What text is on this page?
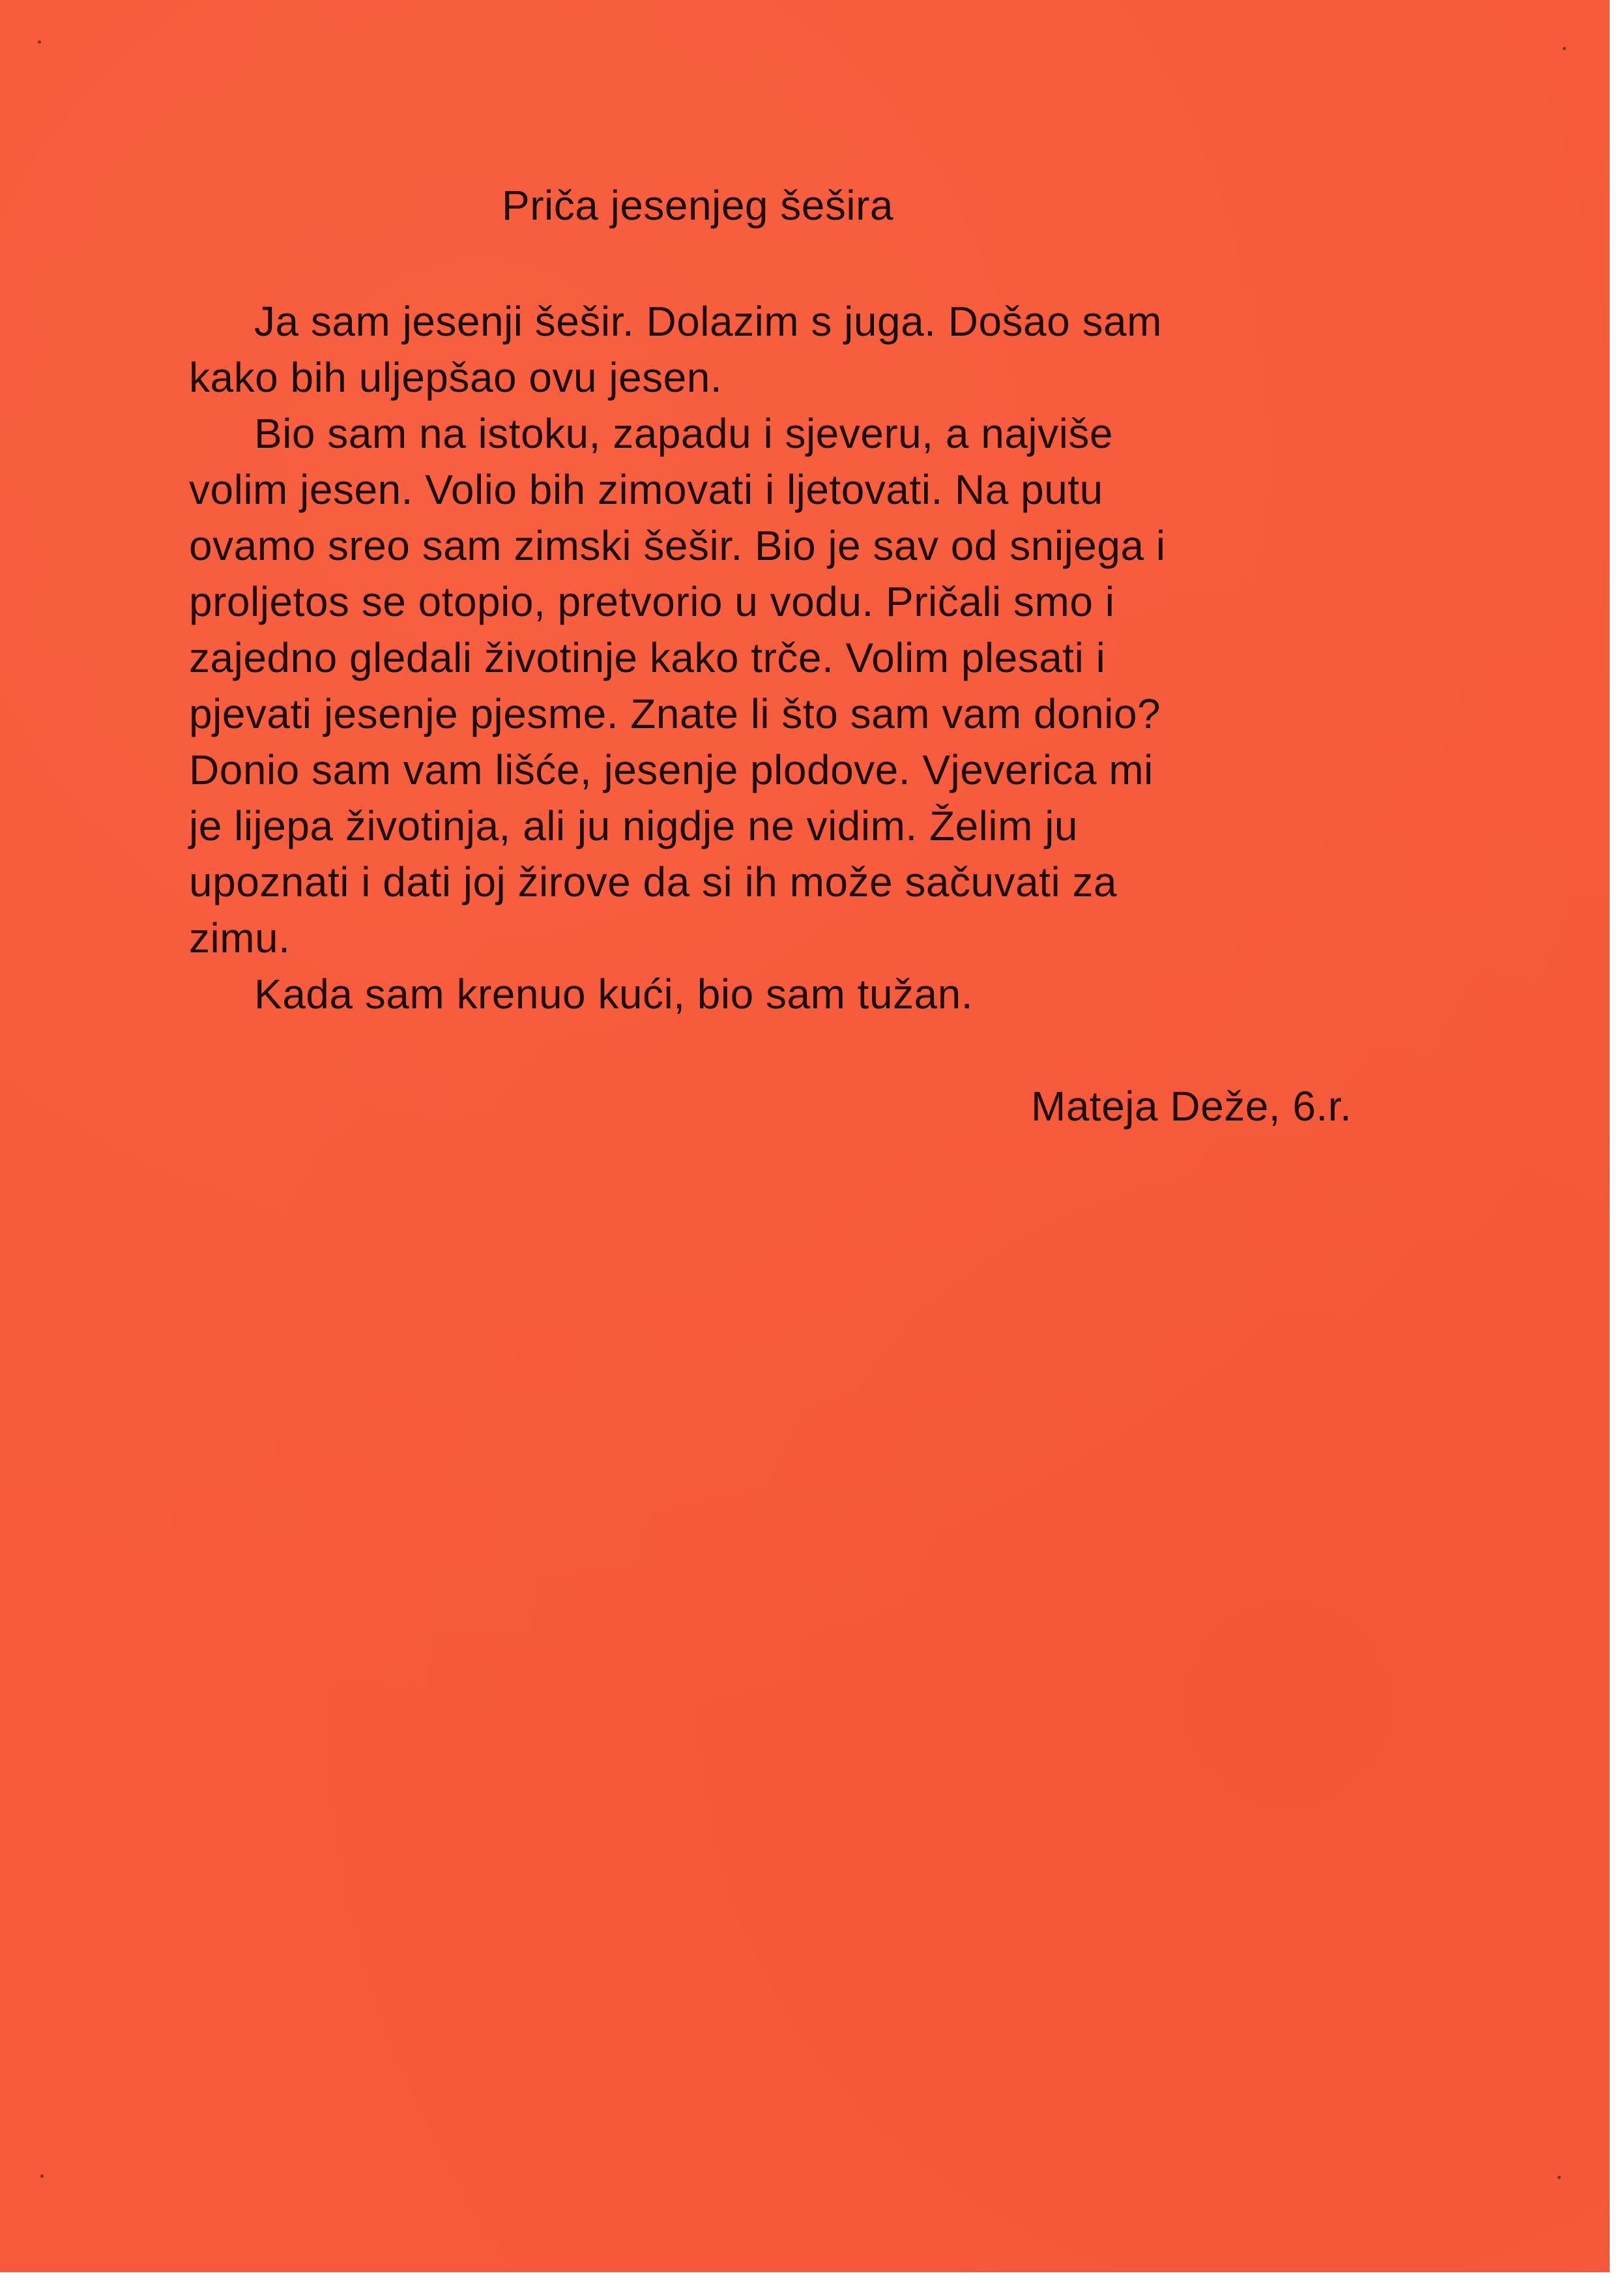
Priča jesenjeg šešira
Ja sam jesenji šešir. Dolazim s juga. Došao sam
kako bih uljepšao ovu jesen.
Bio sam na istoku, zapadu i sjeveru, a najviše
volim jesen. Volio bih zimovati i ljetovati. Na putu
ovamo sreo sam zimski šešir. Bio je sav od snijega i
proljetos se otopio, pretvorio u vodu. Pričali smo i
zajedno gledali životinje kako trče. Volim plesati i
pjevati jesenje pjesme. Znate li što sam vam donio?
Donio sam vam lišće, jesenje plodove. Vjeverica mi
je lijepa životinja, ali ju nigdje ne vidim. Želim ju
upoznati i dati joj žirove da si ih može sačuvati za
zimu.
Kada sam krenuo kući, bio sam tužan.
Mateja Deže, 6.r.
